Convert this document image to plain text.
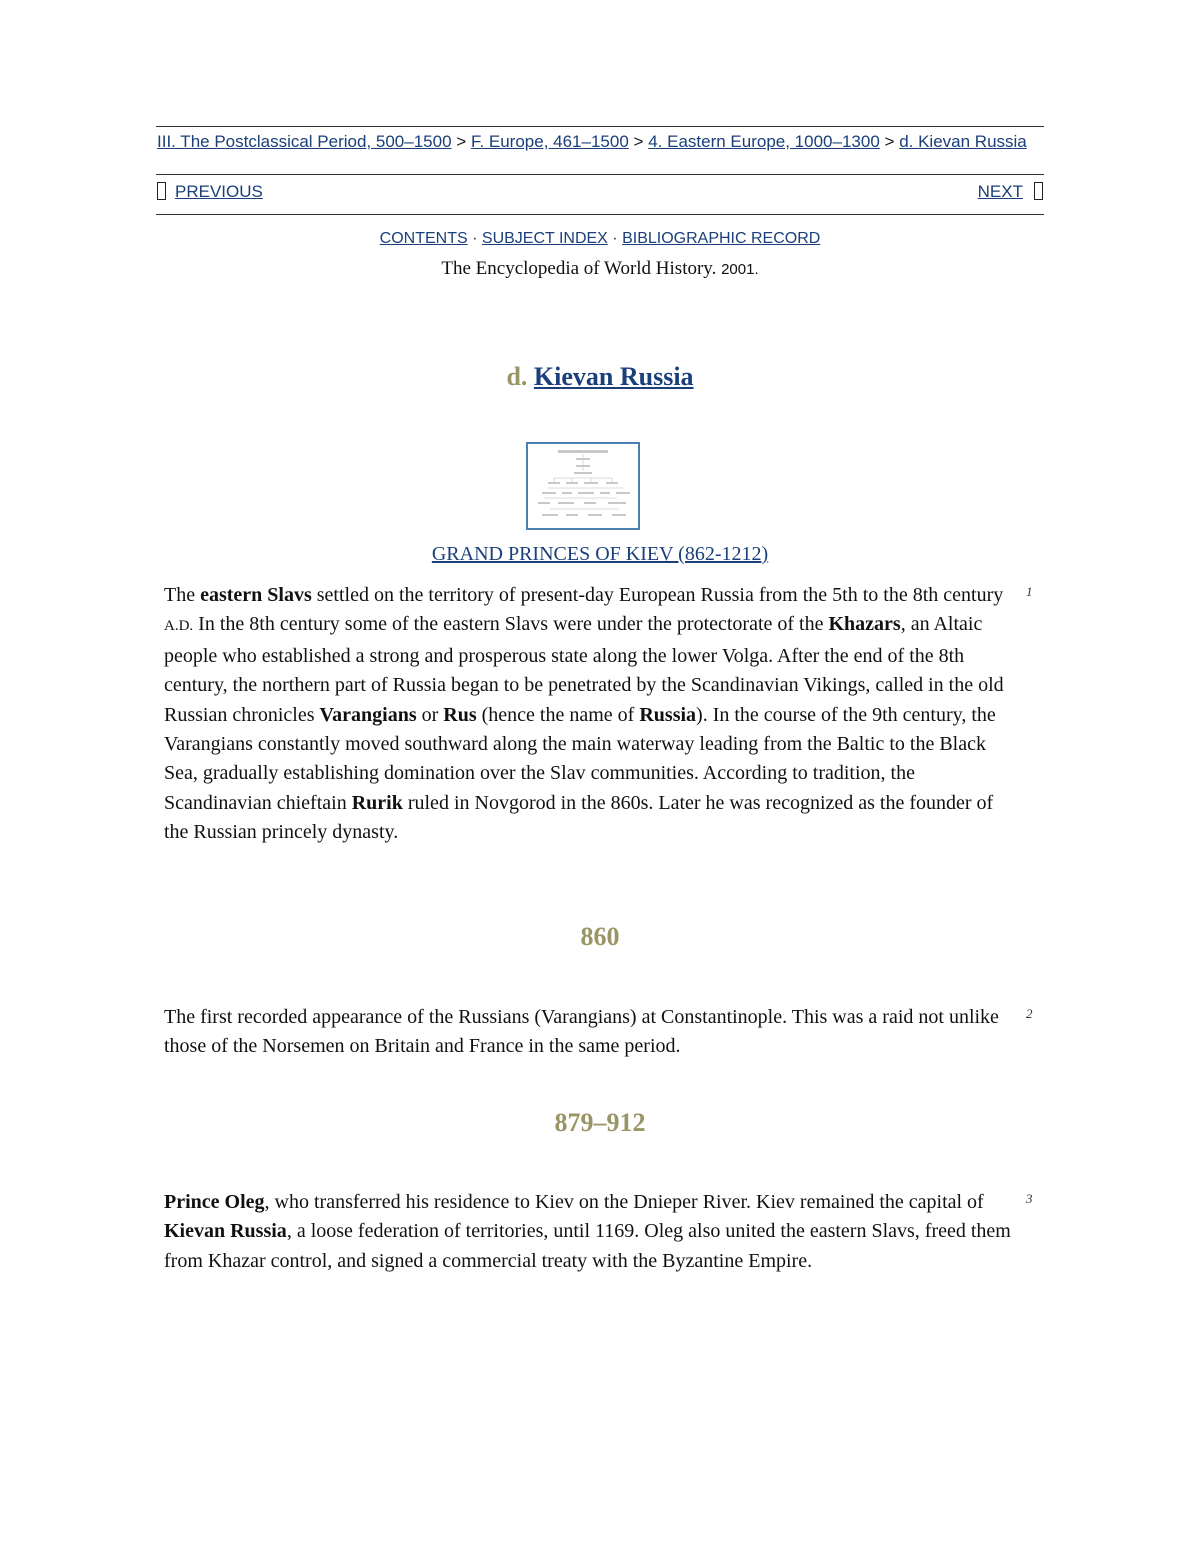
III. The Postclassical Period, 500–1500 > F. Europe, 461–1500 > 4. Eastern Europe, 1000–1300 > d. Kievan Russia
PREVIOUS	NEXT
CONTENTS · SUBJECT INDEX · BIBLIOGRAPHIC RECORD
The Encyclopedia of World History. 2001.
d. Kievan Russia
GRAND PRINCES OF KIEV (862-1212)
The eastern Slavs settled on the territory of present-day European Russia from the 5th to the 8th century A.D. In the 8th century some of the eastern Slavs were under the protectorate of the Khazars, an Altaic people who established a strong and prosperous state along the lower Volga. After the end of the 8th century, the northern part of Russia began to be penetrated by the Scandinavian Vikings, called in the old Russian chronicles Varangians or Rus (hence the name of Russia). In the course of the 9th century, the Varangians constantly moved southward along the main waterway leading from the Baltic to the Black Sea, gradually establishing domination over the Slav communities. According to tradition, the Scandinavian chieftain Rurik ruled in Novgorod in the 860s. Later he was recognized as the founder of the Russian princely dynasty.
1
860
The first recorded appearance of the Russians (Varangians) at Constantinople. This was a raid not unlike those of the Norsemen on Britain and France in the same period.
2
879–912
Prince Oleg, who transferred his residence to Kiev on the Dnieper River. Kiev remained the capital of Kievan Russia, a loose federation of territories, until 1169. Oleg also united the eastern Slavs, freed them from Khazar control, and signed a commercial treaty with the Byzantine Empire.
3
